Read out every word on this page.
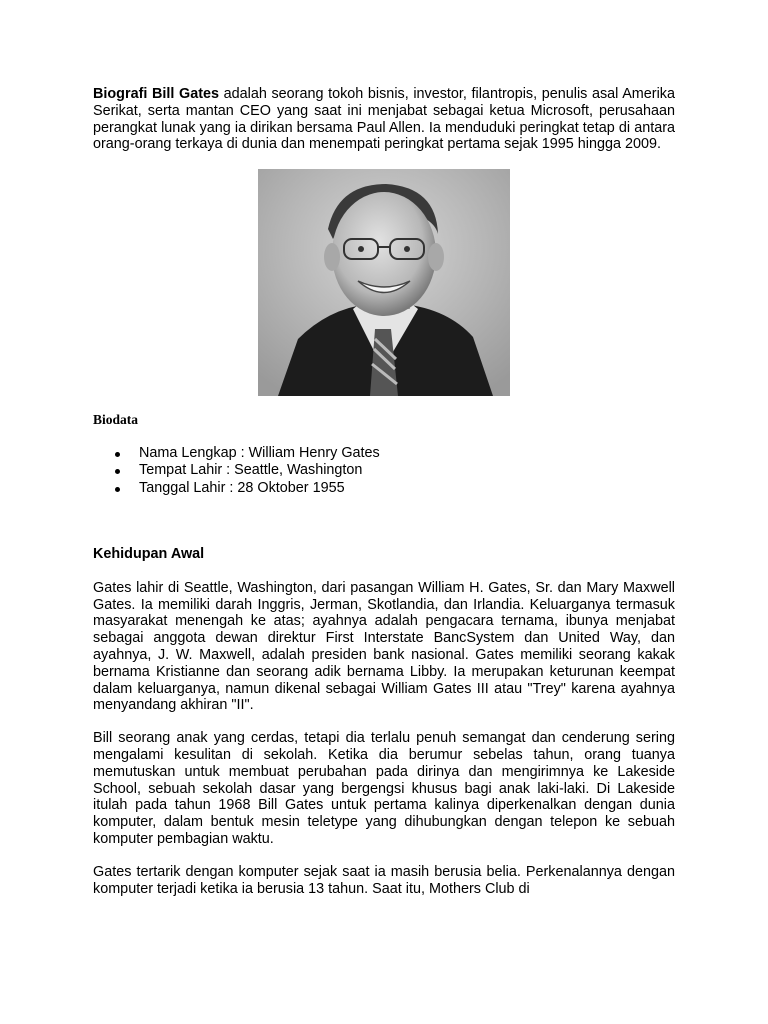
Biografi Bill Gates adalah seorang tokoh bisnis, investor, filantropis, penulis asal Amerika Serikat, serta mantan CEO yang saat ini menjabat sebagai ketua Microsoft, perusahaan perangkat lunak yang ia dirikan bersama Paul Allen. Ia menduduki peringkat tetap di antara orang-orang terkaya di dunia dan menempati peringkat pertama sejak 1995 hingga 2009.

Biodata
Nama Lengkap : William Henry Gates
Tempat Lahir : Seattle, Washington
Tanggal Lahir : 28 Oktober 1955
Kehidupan Awal

Gates lahir di Seattle, Washington, dari pasangan William H. Gates, Sr. dan Mary Maxwell Gates. Ia memiliki darah Inggris, Jerman, Skotlandia, dan Irlandia. Keluarganya termasuk masyarakat menengah ke atas; ayahnya adalah pengacara ternama, ibunya menjabat sebagai anggota dewan direktur First Interstate BancSystem dan United Way, dan ayahnya, J. W. Maxwell, adalah presiden bank nasional. Gates memiliki seorang kakak bernama Kristianne dan seorang adik bernama Libby. Ia merupakan keturunan keempat dalam keluarganya, namun dikenal sebagai William Gates III atau "Trey" karena ayahnya menyandang akhiran "II".

Bill seorang anak yang cerdas, tetapi dia terlalu penuh semangat dan cenderung sering mengalami kesulitan di sekolah. Ketika dia berumur sebelas tahun, orang tuanya memutuskan untuk membuat perubahan pada dirinya dan mengirimnya ke Lakeside School, sebuah sekolah dasar yang bergengsi khusus bagi anak laki-laki. Di Lakeside itulah pada tahun 1968 Bill Gates untuk pertama kalinya diperkenalkan dengan dunia komputer, dalam bentuk mesin teletype yang dihubungkan dengan telepon ke sebuah komputer pembagian waktu.

Gates tertarik dengan komputer sejak saat ia masih berusia belia. Perkenalannya dengan komputer terjadi ketika ia berusia 13 tahun. Saat itu, Mothers Club di
